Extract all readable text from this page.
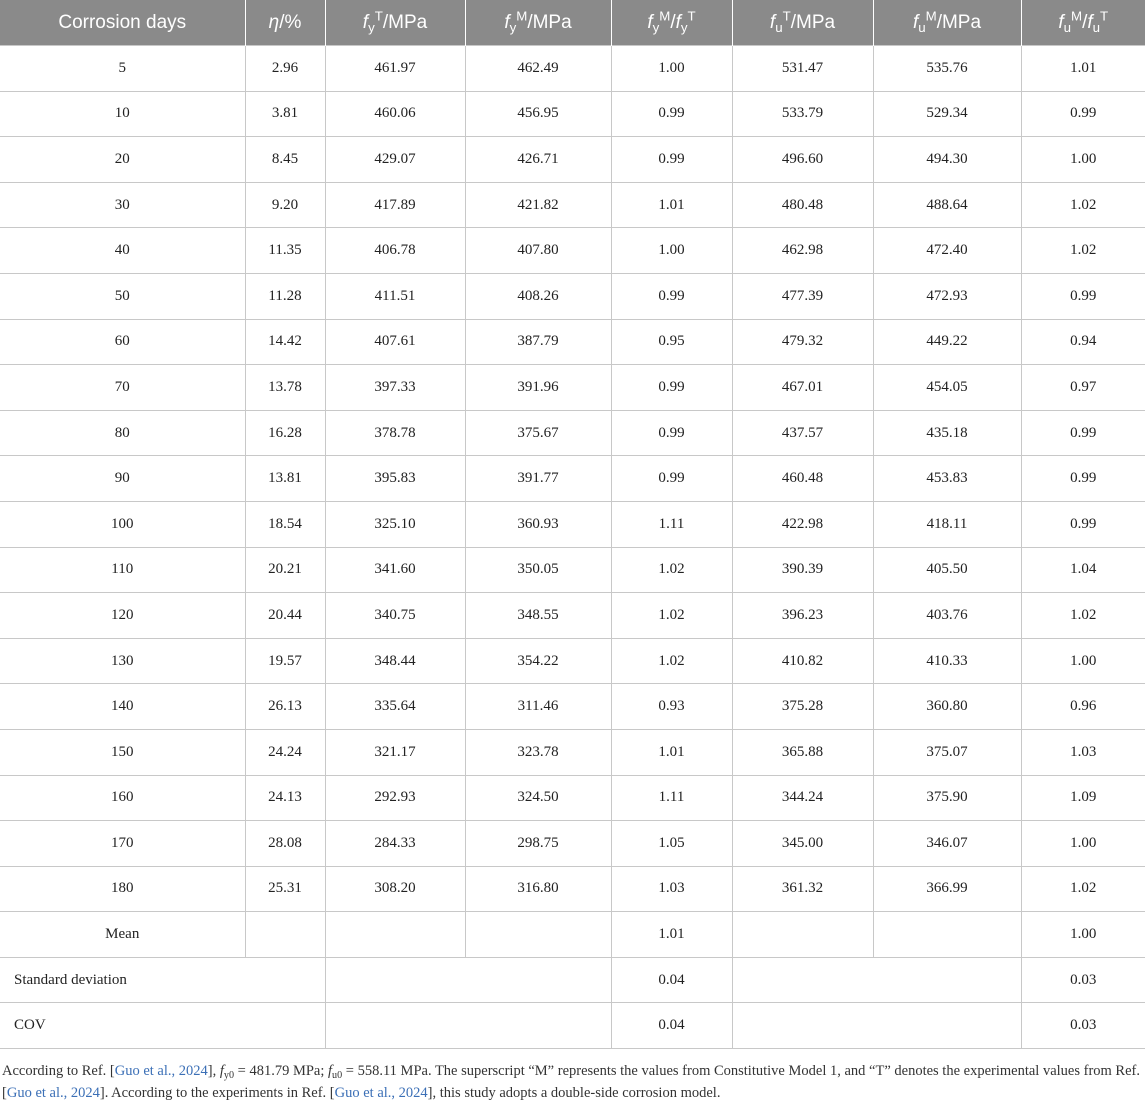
Corrosion days	η/%	$f_y^T$/MPa	$f_y^M$/MPa	$f_y^M/f_y^T$	$f_u^T$/MPa	$f_u^M$/MPa	$f_u^M/f_u^T$
5	2.96	461.97	462.49	1.00	531.47	535.76	1.01
10	3.81	460.06	456.95	0.99	533.79	529.34	0.99
20	8.45	429.07	426.71	0.99	496.60	494.30	1.00
30	9.20	417.89	421.82	1.01	480.48	488.64	1.02
40	11.35	406.78	407.80	1.00	462.98	472.40	1.02
50	11.28	411.51	408.26	0.99	477.39	472.93	0.99
60	14.42	407.61	387.79	0.95	479.32	449.22	0.94
70	13.78	397.33	391.96	0.99	467.01	454.05	0.97
80	16.28	378.78	375.67	0.99	437.57	435.18	0.99
90	13.81	395.83	391.77	0.99	460.48	453.83	0.99
100	18.54	325.10	360.93	1.11	422.98	418.11	0.99
110	20.21	341.60	350.05	1.02	390.39	405.50	1.04
120	20.44	340.75	348.55	1.02	396.23	403.76	1.02
130	19.57	348.44	354.22	1.02	410.82	410.33	1.00
140	26.13	335.64	311.46	0.93	375.28	360.80	0.96
150	24.24	321.17	323.78	1.01	365.88	375.07	1.03
160	24.13	292.93	324.50	1.11	344.24	375.90	1.09
170	28.08	284.33	298.75	1.05	345.00	346.07	1.00
180	25.31	308.20	316.80	1.03	361.32	366.99	1.02
Mean				1.01			1.00
Standard deviation				0.04			0.03
COV				0.04			0.03
According to Ref. [Guo et al., 2024], $f_{y0} = 481.79$ MPa; $f_{u0} = 558.11$ MPa. The superscript “M” represents the values from Constitutive Model 1, and “T” denotes the experimental values from Ref. [Guo et al., 2024]. According to the experiments in Ref. [Guo et al., 2024], this study adopts a double-side corrosion model.
